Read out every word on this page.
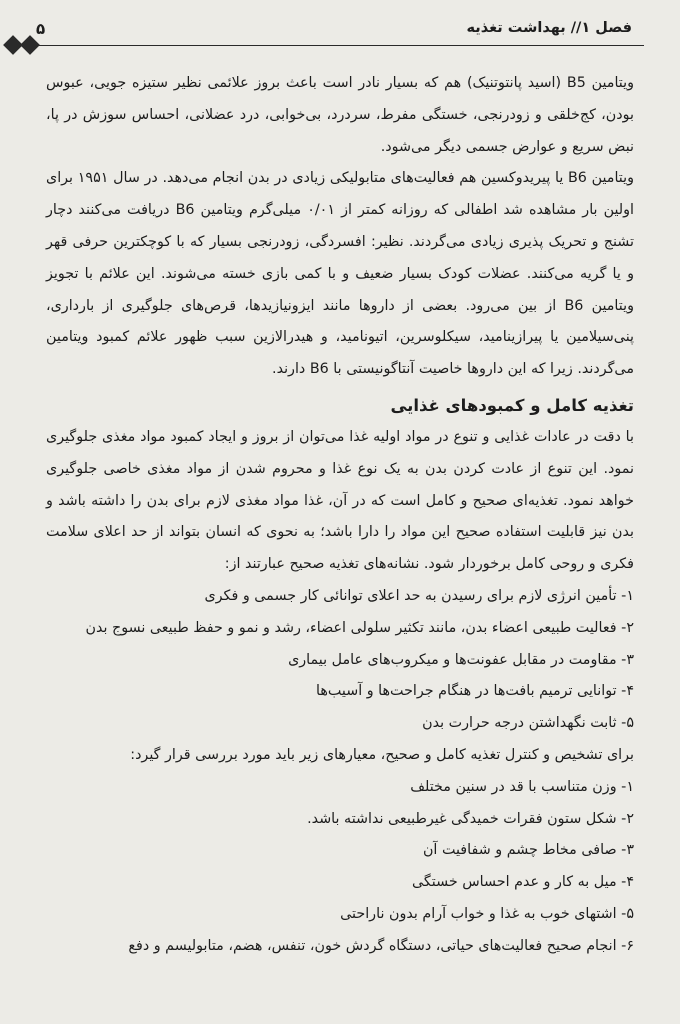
فصل ۱// بهداشت تغذیه
۵

ویتامین B5 (اسید پانتوتنیک) هم که بسیار نادر است باعث بروز علائمی نظیر ستیزه جویی، عبوس بودن، کج‌خلقی و زودرنجی، خستگی مفرط، سردرد، بی‌خوابی، درد عضلانی، احساس سوزش در پا، نبض سریع و عوارض جسمی دیگر می‌شود.

ویتامین B6 یا پیریدوکسین هم فعالیت‌های متابولیکی زیادی در بدن انجام می‌دهد. در سال ۱۹۵۱ برای اولین بار مشاهده شد اطفالی که روزانه کمتر از ۰/۰۱ میلی‌گرم ویتامین B6 دریافت می‌کنند دچار تشنج و تحریک پذیری زیادی می‌گردند. نظیر: افسردگی، زودرنجی بسیار که با کوچکترین حرفی قهر و یا گریه می‌کنند. عضلات کودک بسیار ضعیف و با کمی بازی خسته می‌شوند. این علائم با تجویز ویتامین B6 از بین می‌رود. بعضی از داروها مانند ایزونیازیدها، قرص‌های جلوگیری از بارداری، پنی‌سیلامین یا پیرازینامید، سیکلوسرین، اتیونامید، و هیدرالازین سبب ظهور علائم کمبود ویتامین می‌گردند. زیرا که این داروها خاصیت آنتاگونیستی با B6 دارند.

تغذیه کامل و کمبودهای غذایی

با دقت در عادات غذایی و تنوع در مواد اولیه غذا می‌توان از بروز و ایجاد کمبود مواد مغذی جلوگیری نمود. این تنوع از عادت کردن بدن به یک نوع غذا و محروم شدن از مواد مغذی خاصی جلوگیری خواهد نمود. تغذیه‌ای صحیح و کامل است که در آن، غذا مواد مغذی لازم برای بدن را داشته باشد و بدن نیز قابلیت استفاده صحیح این مواد را دارا باشد؛ به نحوی که انسان بتواند از حد اعلای سلامت فکری و روحی کامل برخوردار شود. نشانه‌های تغذیه صحیح عبارتند از:

۱- تأمین انرژی لازم برای رسیدن به حد اعلای توانائی کار جسمی و فکری
۲- فعالیت طبیعی اعضاء بدن، مانند تکثیر سلولی اعضاء، رشد و نمو و حفظ طبیعی نسوج بدن
۳- مقاومت در مقابل عفونت‌ها و میکروب‌های عامل بیماری
۴- توانایی ترمیم بافت‌ها در هنگام جراحت‌ها و آسیب‌ها
۵- ثابت نگهداشتن درجه حرارت بدن

برای تشخیص و کنترل تغذیه کامل و صحیح، معیارهای زیر باید مورد بررسی قرار گیرد:

۱- وزن متناسب با قد در سنین مختلف
۲- شکل ستون فقرات خمیدگی غیرطبیعی نداشته باشد.
۳- صافی مخاط چشم و شفافیت آن
۴- میل به کار و عدم احساس خستگی
۵- اشتهای خوب به غذا و خواب آرام بدون ناراحتی
۶- انجام صحیح فعالیت‌های حیاتی، دستگاه گردش خون، تنفس، هضم، متابولیسم و دفع
